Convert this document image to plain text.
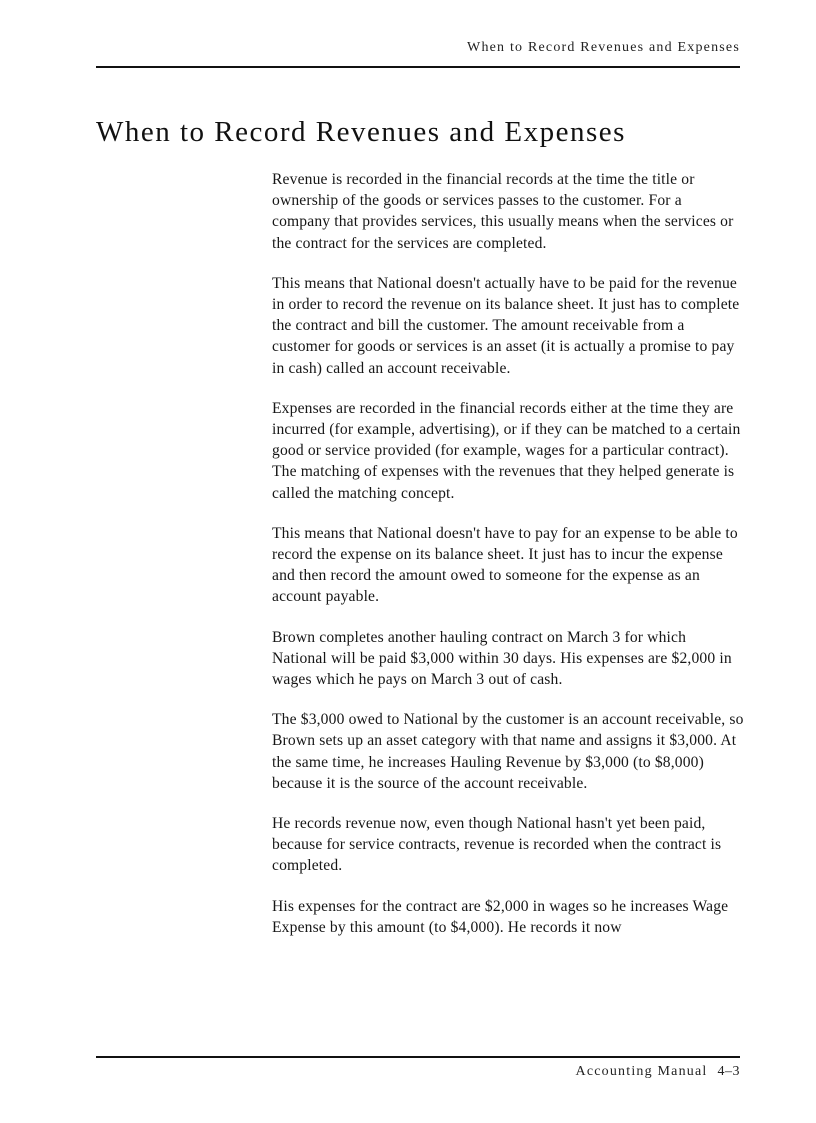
When to Record Revenues and Expenses
When to Record Revenues and Expenses

Revenue is recorded in the financial records at the time the title or ownership of the goods or services passes to the customer. For a company that provides services, this usually means when the services or the contract for the services are completed.

This means that National doesn't actually have to be paid for the revenue in order to record the revenue on its balance sheet. It just has to complete the contract and bill the customer. The amount receivable from a customer for goods or services is an asset (it is actually a promise to pay in cash) called an account receivable.

Expenses are recorded in the financial records either at the time they are incurred (for example, advertising), or if they can be matched to a certain good or service provided (for example, wages for a particular contract). The matching of expenses with the revenues that they helped generate is called the matching concept.

This means that National doesn't have to pay for an expense to be able to record the expense on its balance sheet. It just has to incur the expense and then record the amount owed to someone for the expense as an account payable.

Brown completes another hauling contract on March 3 for which National will be paid $3,000 within 30 days. His expenses are $2,000 in wages which he pays on March 3 out of cash.

The $3,000 owed to National by the customer is an account receivable, so Brown sets up an asset category with that name and assigns it $3,000. At the same time, he increases Hauling Revenue by $3,000 (to $8,000) because it is the source of the account receivable.

He records revenue now, even though National hasn't yet been paid, because for service contracts, revenue is recorded when the contract is completed.

His expenses for the contract are $2,000 in wages so he increases Wage Expense by this amount (to $4,000). He records it now

Accounting Manual 4–3
